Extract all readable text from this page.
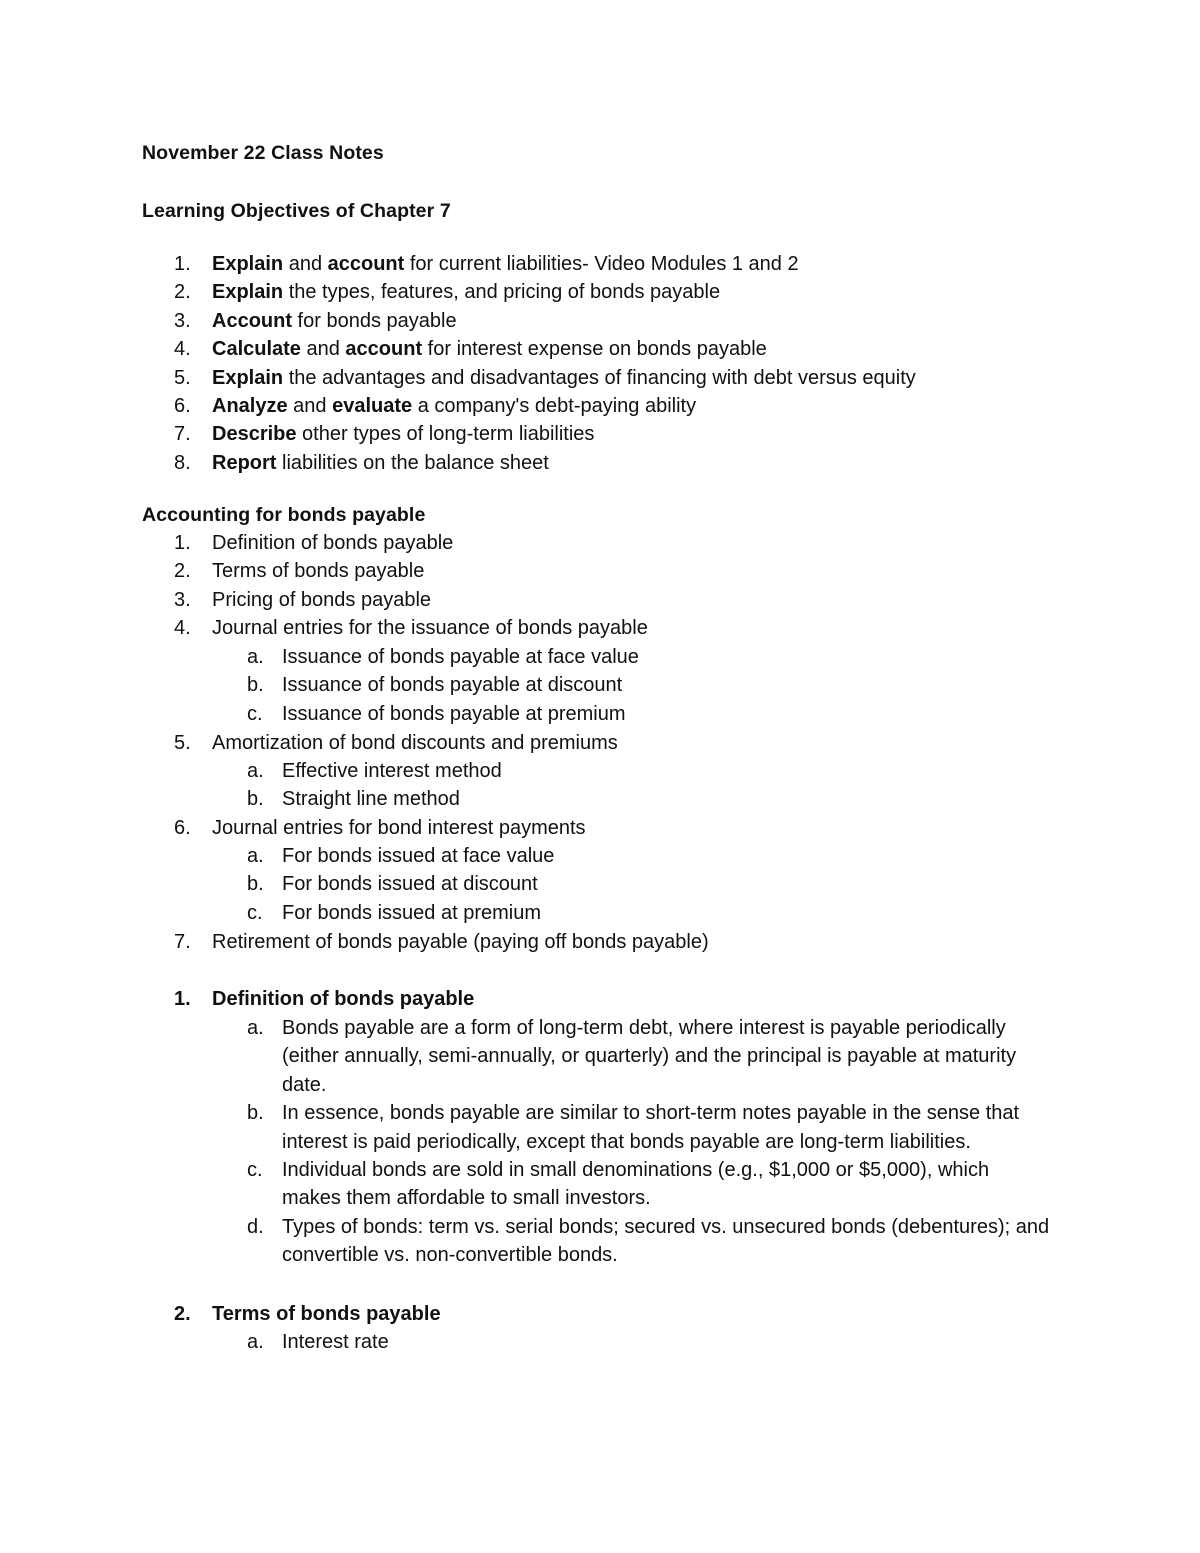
November 22 Class Notes
Learning Objectives of Chapter 7
1.	Explain and account for current liabilities- Video Modules 1 and 2
2.	Explain the types, features, and pricing of bonds payable
3.	Account for bonds payable
4.	Calculate and account for interest expense on bonds payable
5.	Explain the advantages and disadvantages of financing with debt versus equity
6.	Analyze and evaluate a company's debt-paying ability
7.	Describe other types of long-term liabilities
8.	Report liabilities on the balance sheet
Accounting for bonds payable
1.	Definition of bonds payable
2.	Terms of bonds payable
3.	Pricing of bonds payable
4.	Journal entries for the issuance of bonds payable
a. Issuance of bonds payable at face value
b. Issuance of bonds payable at discount
c. Issuance of bonds payable at premium
5.	Amortization of bond discounts and premiums
a. Effective interest method
b. Straight line method
6.	Journal entries for bond interest payments
a. For bonds issued at face value
b. For bonds issued at discount
c. For bonds issued at premium
7.	Retirement of bonds payable (paying off bonds payable)
1.	Definition of bonds payable
a. Bonds payable are a form of long-term debt, where interest is payable periodically (either annually, semi-annually, or quarterly) and the principal is payable at maturity date.
b. In essence, bonds payable are similar to short-term notes payable in the sense that interest is paid periodically, except that bonds payable are long-term liabilities.
c. Individual bonds are sold in small denominations (e.g., $1,000 or $5,000), which makes them affordable to small investors.
d. Types of bonds: term vs. serial bonds; secured vs. unsecured bonds (debentures); and convertible vs. non-convertible bonds.
2.	Terms of bonds payable
a. Interest rate
